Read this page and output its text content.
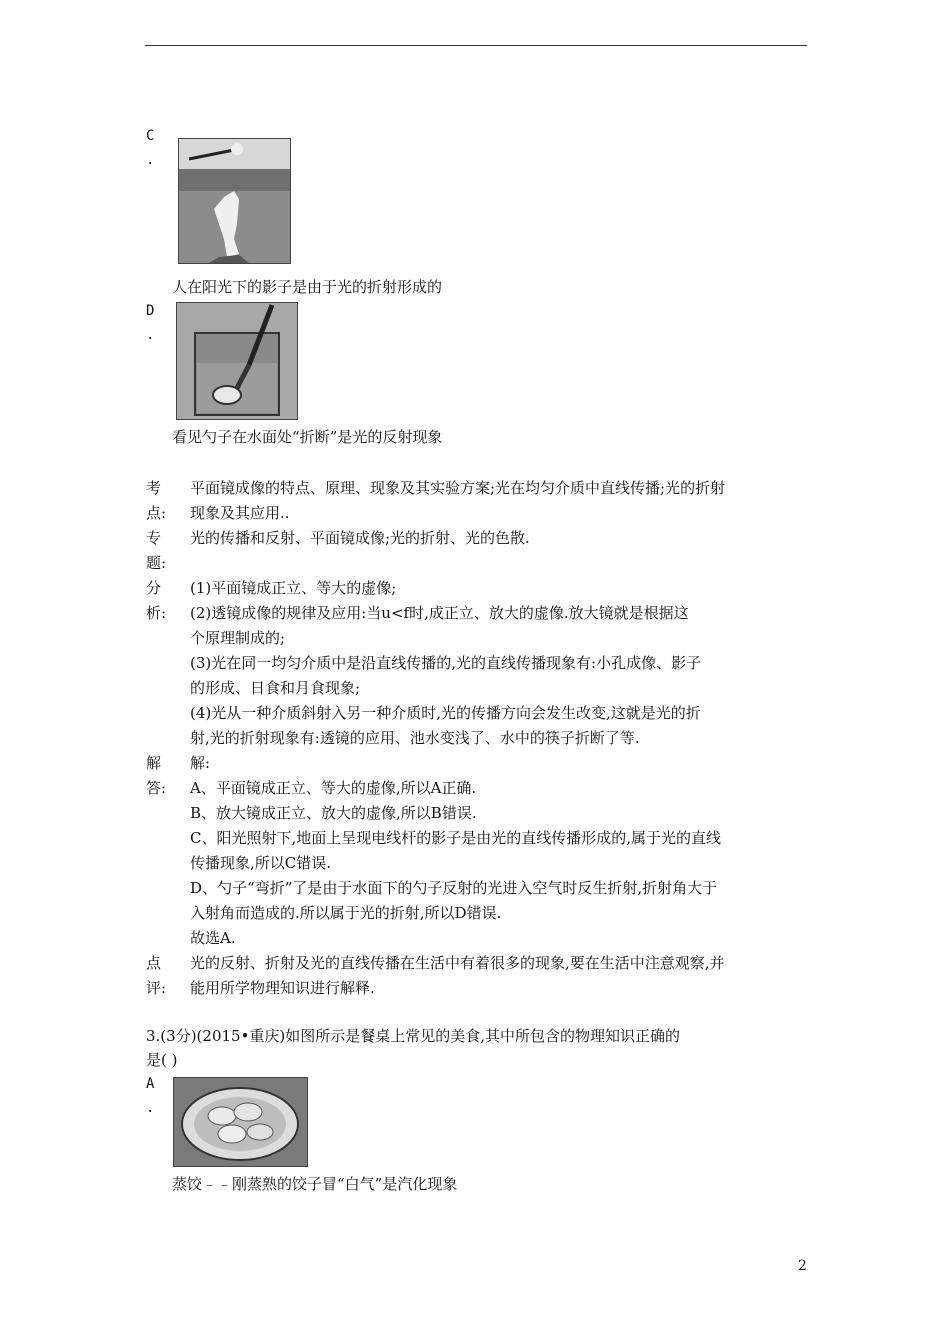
C
.
人在阳光下的影子是由于光的折射形成的
D
.
看见勺子在水面处“折断”是光的反射现象
考
点:
平面镜成像的特点、原理、现象及其实验方案;光在均匀介质中直线传播;光的折射
现象及其应用..
专
题:
光的传播和反射、平面镜成像;光的折射、光的色散.
分
析:
(1)平面镜成正立、等大的虚像;
(2)透镜成像的规律及应用:当u<f时,成正立、放大的虚像.放大镜就是根据这
个原理制成的;
(3)光在同一均匀介质中是沿直线传播的,光的直线传播现象有:小孔成像、影子
的形成、日食和月食现象;
(4)光从一种介质斜射入另一种介质时,光的传播方向会发生改变,这就是光的折
射,光的折射现象有:透镜的应用、池水变浅了、水中的筷子折断了等.
解
答:
解:
A、平面镜成正立、等大的虚像,所以A正确.
B、放大镜成正立、放大的虚像,所以B错误.
C、阳光照射下,地面上呈现电线杆的影子是由光的直线传播形成的,属于光的直线
传播现象,所以C错误.
D、勺子“弯折”了是由于水面下的勺子反射的光进入空气时反生折射,折射角大于
入射角而造成的.所以属于光的折射,所以D错误.
故选A.
点
评:
光的反射、折射及光的直线传播在生活中有着很多的现象,要在生活中注意观察,并
能用所学物理知识进行解释.
3.(3分)(2015•重庆)如图所示是餐桌上常见的美食,其中所包含的物理知识正确的
是( )
A
.
蒸饺﹣﹣刚蒸熟的饺子冒“白气”是汽化现象
2
